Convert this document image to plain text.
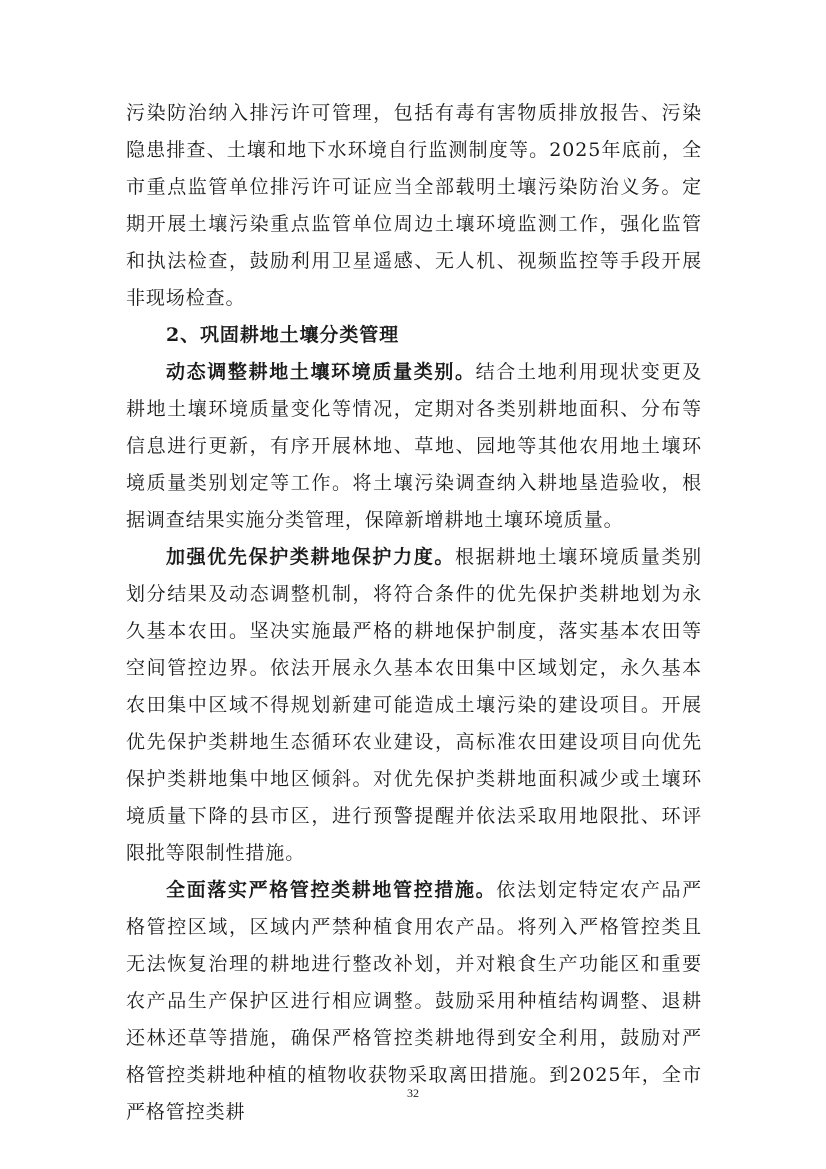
污染防治纳入排污许可管理，包括有毒有害物质排放报告、污染隐患排查、土壤和地下水环境自行监测制度等。2025年底前，全市重点监管单位排污许可证应当全部载明土壤污染防治义务。定期开展土壤污染重点监管单位周边土壤环境监测工作，强化监管和执法检查，鼓励利用卫星遥感、无人机、视频监控等手段开展非现场检查。

2、巩固耕地土壤分类管理

动态调整耕地土壤环境质量类别。结合土地利用现状变更及耕地土壤环境质量变化等情况，定期对各类别耕地面积、分布等信息进行更新，有序开展林地、草地、园地等其他农用地土壤环境质量类别划定等工作。将土壤污染调查纳入耕地垦造验收，根据调查结果实施分类管理，保障新增耕地土壤环境质量。

加强优先保护类耕地保护力度。根据耕地土壤环境质量类别划分结果及动态调整机制，将符合条件的优先保护类耕地划为永久基本农田。坚决实施最严格的耕地保护制度，落实基本农田等空间管控边界。依法开展永久基本农田集中区域划定，永久基本农田集中区域不得规划新建可能造成土壤污染的建设项目。开展优先保护类耕地生态循环农业建设，高标准农田建设项目向优先保护类耕地集中地区倾斜。对优先保护类耕地面积减少或土壤环境质量下降的县市区，进行预警提醒并依法采取用地限批、环评限批等限制性措施。

全面落实严格管控类耕地管控措施。依法划定特定农产品严格管控区域，区域内严禁种植食用农产品。将列入严格管控类且无法恢复治理的耕地进行整改补划，并对粮食生产功能区和重要农产品生产保护区进行相应调整。鼓励采用种植结构调整、退耕还林还草等措施，确保严格管控类耕地得到安全利用，鼓励对严格管控类耕地种植的植物收获物采取离田措施。到2025年，全市严格管控类耕

32
